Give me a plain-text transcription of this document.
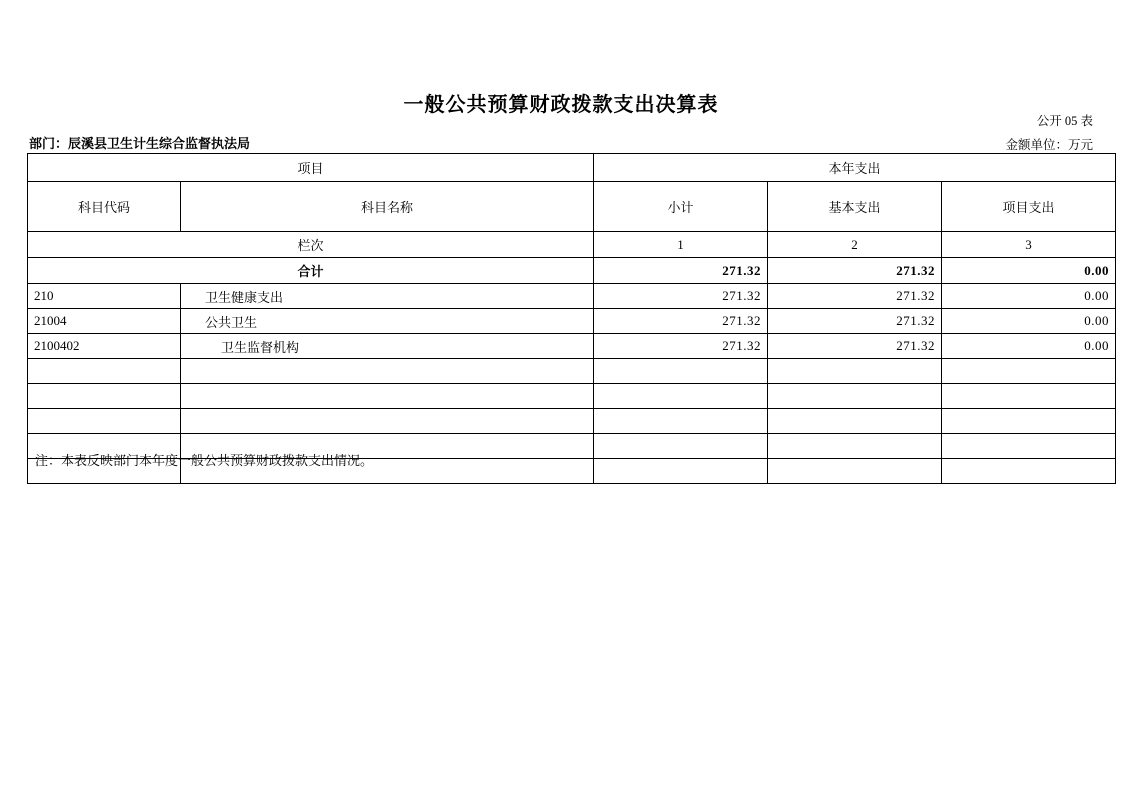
一般公共预算财政拨款支出决算表
公开 05 表
部门：辰溪县卫生计生综合监督执法局	金额单位：万元
项目		本年支出		
科目代码	科目名称	小计	基本支出	项目支出
栏次		1	2	3
合计		271.32	271.32	0.00
210	卫生健康支出	271.32	271.32	0.00
21004	公共卫生	271.32	271.32	0.00
2100402	卫生监督机构	271.32	271.32	0.00

注：本表反映部门本年度一般公共预算财政拨款支出情况。
